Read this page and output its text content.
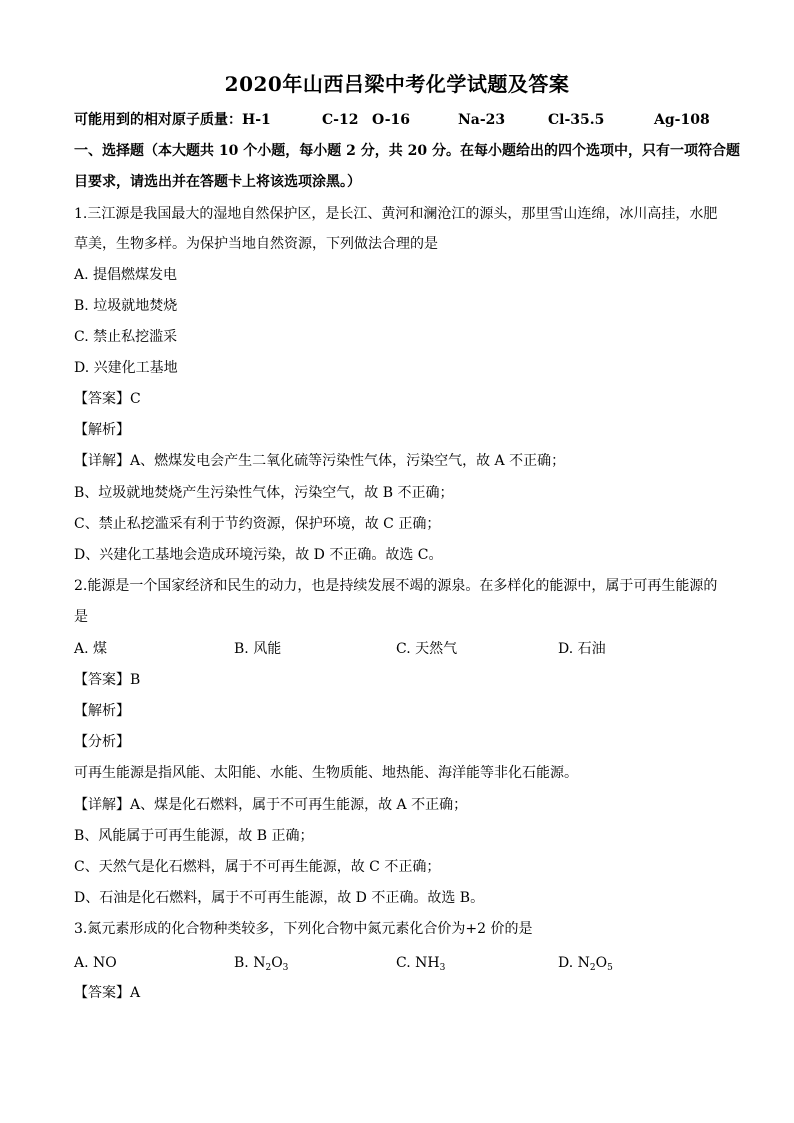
2020年山西吕梁中考化学试题及答案
可能用到的相对原子质量：H-1	C-12 O-16	Na-23	Cl-35.5	Ag-108
一、选择题（本大题共 10 个小题，每小题 2 分，共 20 分。在每小题给出的四个选项中，只有一项符合题
目要求，请选出并在答题卡上将该选项涂黑。）
1.三江源是我国最大的湿地自然保护区，是长江、黄河和澜沧江的源头，那里雪山连绵，冰川高挂，水肥
草美，生物多样。为保护当地自然资源，下列做法合理的是
A. 提倡燃煤发电
B. 垃圾就地焚烧
C. 禁止私挖滥采
D. 兴建化工基地
【答案】C
【解析】
【详解】A、燃煤发电会产生二氧化硫等污染性气体，污染空气，故 A 不正确；
B、垃圾就地焚烧产生污染性气体，污染空气，故 B 不正确；
C、禁止私挖滥采有利于节约资源，保护环境，故 C 正确；
D、兴建化工基地会造成环境污染，故 D 不正确。故选 C。
2.能源是一个国家经济和民生的动力，也是持续发展不竭的源泉。在多样化的能源中，属于可再生能源的
是
A. 煤	B. 风能	C. 天然气	D. 石油
【答案】B
【解析】
【分析】
可再生能源是指风能、太阳能、水能、生物质能、地热能、海洋能等非化石能源。
【详解】A、煤是化石燃料，属于不可再生能源，故 A 不正确；
B、风能属于可再生能源，故 B 正确；
C、天然气是化石燃料，属于不可再生能源，故 C 不正确；
D、石油是化石燃料，属于不可再生能源，故 D 不正确。故选 B。
3.氮元素形成的化合物种类较多，下列化合物中氮元素化合价为+2 价的是
A. NO	B. $N_2O_3$	C. $NH_3$	D. $N_2O_5$
【答案】A
